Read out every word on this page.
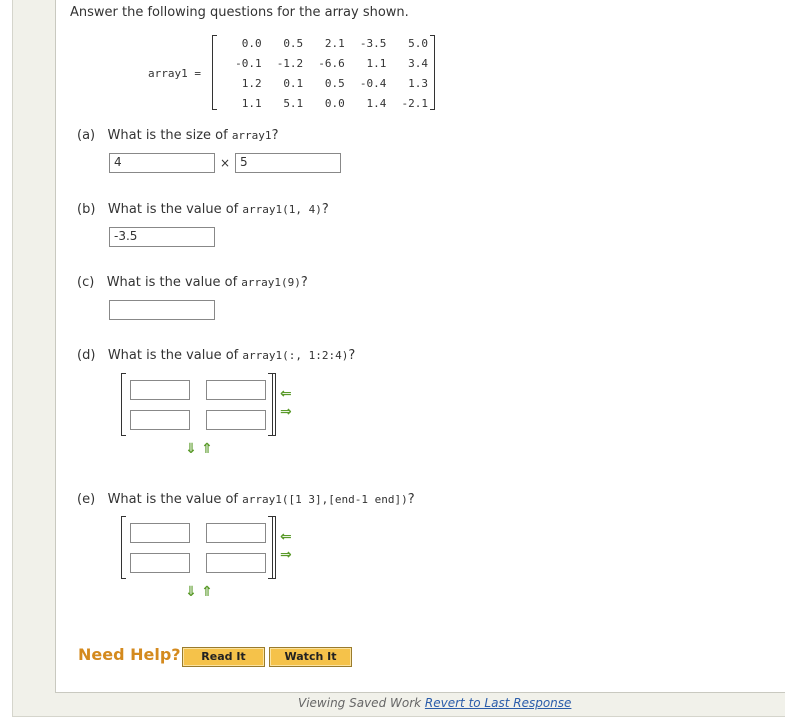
Answer the following questions for the array shown.
array1 =
0.0	0.5	2.1	-3.5	5.0
-0.1	-1.2	-6.6	1.1	3.4
1.2	0.1	0.5	-0.4	1.3
1.1	5.1	0.0	1.4	-2.1
(a) What is the size of array1?
4	× 5
(b) What is the value of array1(1, 4)?
-3.5
(c) What is the value of array1(9)?
(d) What is the value of array1(:, 1:2:4)?
⇐
⇒
⇓ ⇑
(e) What is the value of array1([1 3],[end-1 end])?
⇐
⇒
⇓ ⇑
Need Help?	Read It	Watch It
Viewing Saved Work Revert to Last Response
